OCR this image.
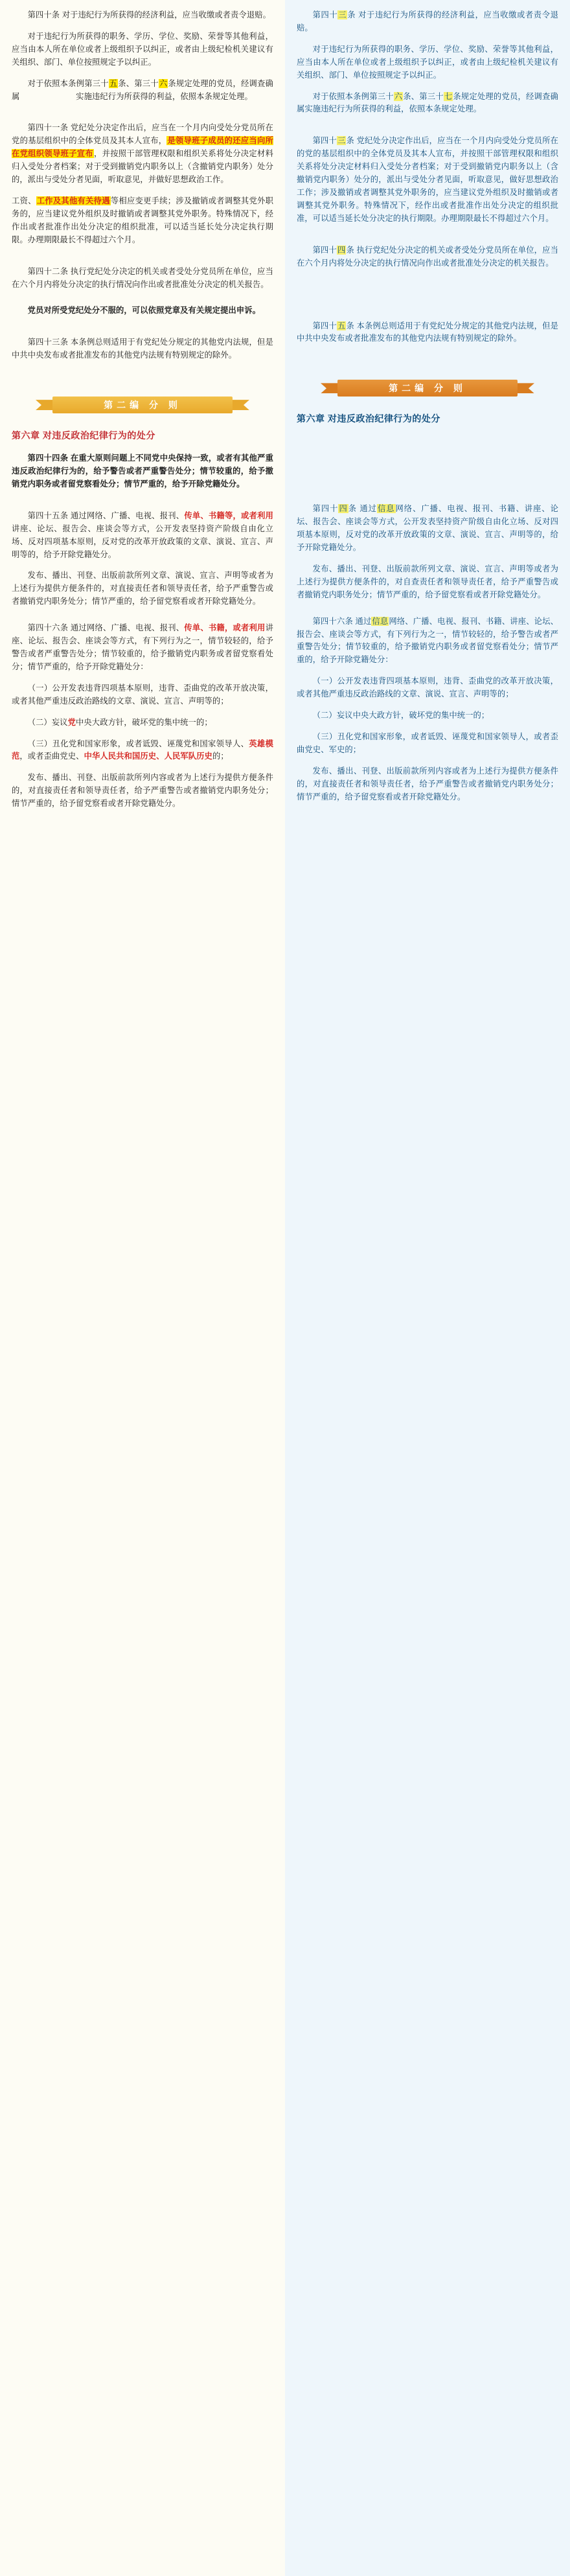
第四十条 对于违纪行为所获得的经济利益，应当收缴或者责令退赔。

对于违纪行为所获得的职务、学历、学位、奖励、荣誉等其他利益，应当由本人所在单位或者上级组织予以纠正，或者由上级纪检机关建议有关组织、部门、单位按照规定予以纠正。

对于依照本条例第三十五条、第三十六条规定处理的党员，经调查确属　　　　　　　实施违纪行为所获得的利益，依照本条规定处理。

第四十一条 党纪处分决定作出后，应当在一个月内向受处分党员所在党的基层组织中的全体党员及其本人宣布，是领导班子成员的还应当向所在党组织领导班子宣布，并按照干部管理权限和组织关系将处分决定材料归入受处分者档案；对于受到撤销党内职务以上（含撤销党内职务）处分的，派出与受处分者见面，听取意见，并做好思想政治工作。

工资、工作及其他有关待遇等相应变更手续；涉及撤销或者调整其党外职务的，应当建议党外组织及时撤销或者调整其党外职务。特殊情况下，经作出或者批准作出处分决定的组织批准，可以适当延长处分决定执行期限。办理期限最长不得超过六个月。

第四十二条 执行党纪处分决定的机关或者受处分党员所在单位，应当在六个月内将处分决定的执行情况向作出或者批准处分决定的机关报告。

党员对所受党纪处分不服的，可以依照党章及有关规定提出申诉。

第四十三条 本条例总则适用于有党纪处分规定的其他党内法规，但是中共中央发布或者批准发布的其他党内法规有特别规定的除外。

第二编 分 则

第六章 对违反政治纪律行为的处分

第四十四条 在重大原则问题上不同党中央保持一致，或者有其他严重违反政治纪律行为的，给予警告或者严重警告处分；情节较重的，给予撤销党内职务或者留党察看处分；情节严重的，给予开除党籍处分。

第四十五条 通过网络、广播、电视、报刊、传单、书籍等，或者利用讲座、论坛、报告会、座谈会等方式，公开发表坚持资产阶级自由化立场、反对四项基本原则，反对党的改革开放政策的文章、演说、宣言、声明等的，给予开除党籍处分。

发布、播出、刊登、出版前款所列文章、演说、宣言、声明等或者为上述行为提供方便条件的，对直接责任者和领导责任者，给予严重警告或者撤销党内职务处分；情节严重的，给予留党察看或者开除党籍处分。

第四十六条 通过网络、广播、电视、报刊、传单、书籍，或者利用讲座、论坛、报告会、座谈会等方式，有下列行为之一，情节较轻的，给予警告或者严重警告处分；情节较重的，给予撤销党内职务或者留党察看处分；情节严重的，给予开除党籍处分：

（一）公开发表违背四项基本原则，违背、歪曲党的改革开放决策，或者其他严重违反政治路线的文章、演说、宣言、声明等的；

（二）妄议党中央大政方针，破坏党的集中统一的；

（三）丑化党和国家形象，或者诋毁、诬蔑党和国家领导人、英雄模范，或者歪曲党史、中华人民共和国历史、人民军队历史的；

发布、播出、刊登、出版前款所列内容或者为上述行为提供方便条件的，对直接责任者和领导责任者，给予严重警告或者撤销党内职务处分；情节严重的，给予留党察看或者开除党籍处分。

第四十三条 对于违纪行为所获得的经济利益，应当收缴或者责令退赔。

对于违纪行为所获得的职务、学历、学位、奖励、荣誉等其他利益，应当由本人所在单位或者上级组织予以纠正，或者由上级纪检机关建议有关组织、部门、单位按照规定予以纠正。

对于依照本条例第三十六条、第三十七条规定处理的党员，经调查确属实施违纪行为所获得的利益，依照本条规定处理。

第四十三条 党纪处分决定作出后，应当在一个月内向受处分党员所在的党的基层组织中的全体党员及其本人宣布，并按照干部管理权限和组织关系将处分决定材料归入受处分者档案；对于受到撤销党内职务以上（含撤销党内职务）处分的，派出与受处分者见面，听取意见，做好思想政治工作；涉及撤销或者调整其党外职务的，应当建议党外组织及时撤销或者调整其党外职务。特殊情况下，经作出或者批准作出处分决定的组织批准，可以适当延长处分决定的执行期限。办理期限最长不得超过六个月。

第四十四条 执行党纪处分决定的机关或者受处分党员所在单位，应当在六个月内将处分决定的执行情况向作出或者批准处分决定的机关报告。

第四十五条 本条例总则适用于有党纪处分规定的其他党内法规，但是中共中央发布或者批准发布的其他党内法规有特别规定的除外。

第二编 分 则

第六章 对违反政治纪律行为的处分

第四十四条 通过信息网络、广播、电视、报刊、书籍、讲座、论坛、报告会、座谈会等方式，公开发表坚持资产阶级自由化立场、反对四项基本原则，反对党的改革开放政策的文章、演说、宣言、声明等的，给予开除党籍处分。

发布、播出、刊登、出版前款所列文章、演说、宣言、声明等或者为上述行为提供方便条件的，对自查责任者和领导责任者，给予严重警告或者撤销党内职务处分；情节严重的，给予留党察看或者开除党籍处分。

第四十六条 通过信息网络、广播、电视、报刊、书籍、讲座、论坛、报告会、座谈会等方式，有下列行为之一，情节较轻的，给予警告或者严重警告处分；情节较重的，给予撤销党内职务或者留党察看处分；情节严重的，给予开除党籍处分：

（一）公开发表违背四项基本原则，违背、歪曲党的改革开放决策，或者其他严重违反政治路线的文章、演说、宣言、声明等的；

（二）妄议中央大政方针，破坏党的集中统一的；

（三）丑化党和国家形象，或者诋毁、诬蔑党和国家领导人，或者歪曲党史、军史的；

发布、播出、刊登、出版前款所列内容或者为上述行为提供方便条件的，对直接责任者和领导责任者，给予严重警告或者撤销党内职务处分；情节严重的，给予留党察看或者开除党籍处分。
